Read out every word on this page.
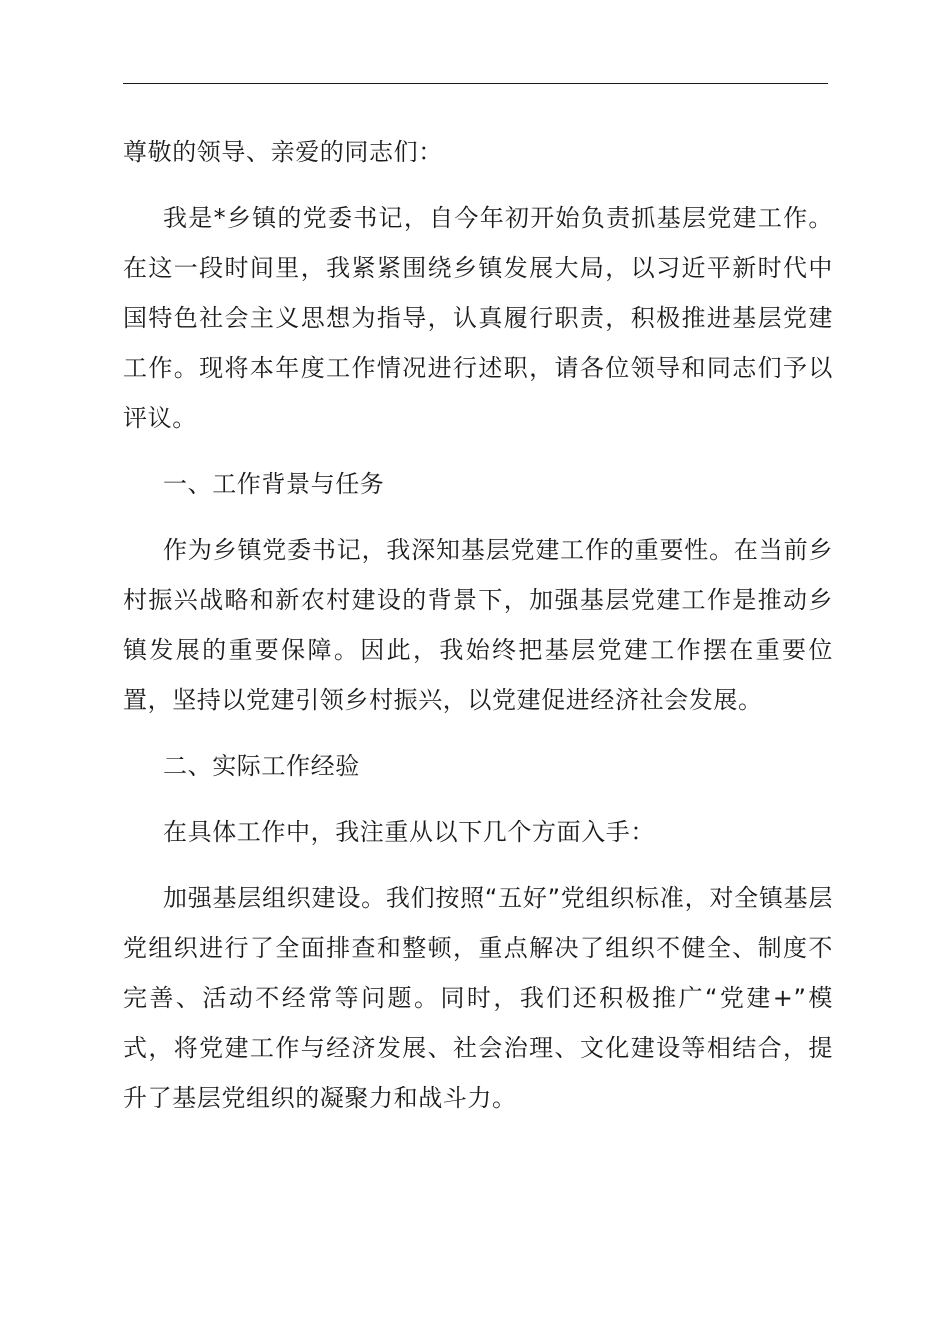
尊敬的领导、亲爱的同志们：

我是*乡镇的党委书记，自今年初开始负责抓基层党建工作。在这一段时间里，我紧紧围绕乡镇发展大局，以习近平新时代中国特色社会主义思想为指导，认真履行职责，积极推进基层党建工作。现将本年度工作情况进行述职，请各位领导和同志们予以评议。

一、工作背景与任务

作为乡镇党委书记，我深知基层党建工作的重要性。在当前乡村振兴战略和新农村建设的背景下，加强基层党建工作是推动乡镇发展的重要保障。因此，我始终把基层党建工作摆在重要位置，坚持以党建引领乡村振兴，以党建促进经济社会发展。

二、实际工作经验

在具体工作中，我注重从以下几个方面入手：

加强基层组织建设。我们按照“五好”党组织标准，对全镇基层党组织进行了全面排查和整顿，重点解决了组织不健全、制度不完善、活动不经常等问题。同时，我们还积极推广“党建+”模式，将党建工作与经济发展、社会治理、文化建设等相结合，提升了基层党组织的凝聚力和战斗力。
